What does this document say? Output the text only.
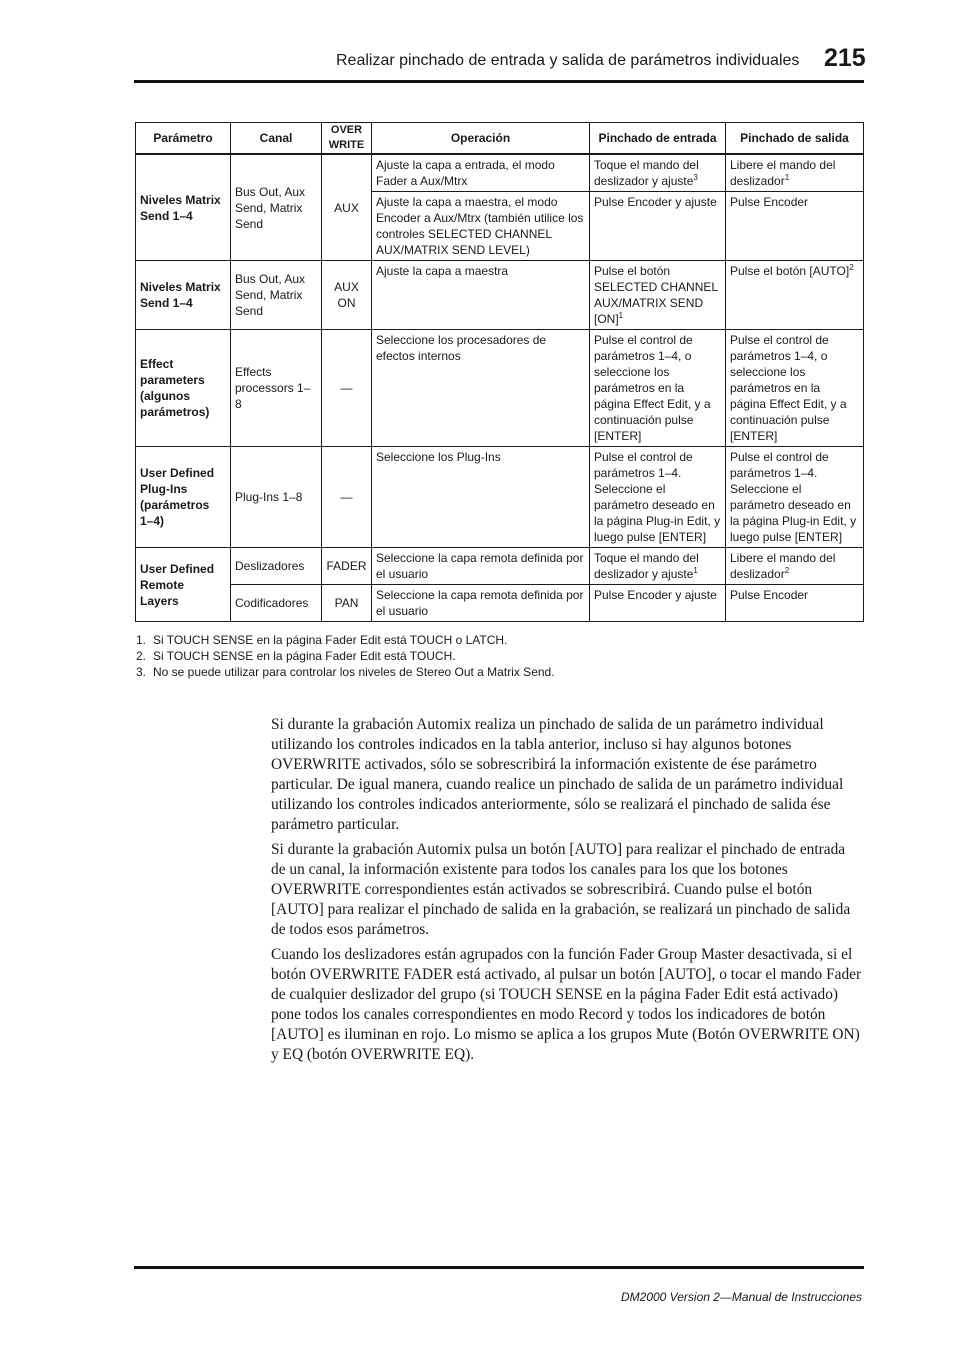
Realizar pinchado de entrada y salida de parámetros individuales 215
Parámetro	Canal	OVER WRITE	Operación	Pinchado de entrada	Pinchado de salida
Niveles Matrix Send 1–4	Bus Out, Aux Send, Matrix Send	AUX	Ajuste la capa a entrada, el modo Fader a Aux/Mtrx	Toque el mando del deslizador y ajuste$^3$	Libere el mando del deslizador$^1$
			Ajuste la capa a maestra, el modo Encoder a Aux/Mtrx (también utilice los controles SELECTED CHANNEL AUX/MATRIX SEND LEVEL)	Pulse Encoder y ajuste	Pulse Encoder
Niveles Matrix Send 1–4	Bus Out, Aux Send, Matrix Send	AUX ON	Ajuste la capa a maestra	Pulse el botón SELECTED CHANNEL AUX/MATRIX SEND [ON]$^1$	Pulse el botón [AUTO]$^2$
Effect parameters (algunos parámetros)	Effects processors 1–8	—	Seleccione los procesadores de efectos internos	Pulse el control de parámetros 1–4, o seleccione los parámetros en la página Effect Edit, y a continuación pulse [ENTER]	Pulse el control de parámetros 1–4, o seleccione los parámetros en la página Effect Edit, y a continuación pulse [ENTER]
User Defined Plug-Ins (parámetros 1–4)	Plug-Ins 1–8	—	Seleccione los Plug-Ins	Pulse el control de parámetros 1–4. Seleccione el parámetro deseado en la página Plug-in Edit, y luego pulse [ENTER]	Pulse el control de parámetros 1–4. Seleccione el parámetro deseado en la página Plug-in Edit, y luego pulse [ENTER]
User Defined Remote Layers	Deslizadores	FADER	Seleccione la capa remota definida por el usuario	Toque el mando del deslizador y ajuste$^1$	Libere el mando del deslizador$^2$
	Codificadores	PAN	Seleccione la capa remota definida por el usuario	Pulse Encoder y ajuste	Pulse Encoder
1. Si TOUCH SENSE en la página Fader Edit está TOUCH o LATCH.
2. Si TOUCH SENSE en la página Fader Edit está TOUCH.
3. No se puede utilizar para controlar los niveles de Stereo Out a Matrix Send.

Si durante la grabación Automix realiza un pinchado de salida de un parámetro individual utilizando los controles indicados en la tabla anterior, incluso si hay algunos botones OVERWRITE activados, sólo se sobrescribirá la información existente de ése parámetro particular. De igual manera, cuando realice un pinchado de salida de un parámetro individual utilizando los controles indicados anteriormente, sólo se realizará el pinchado de salida ése parámetro particular.

Si durante la grabación Automix pulsa un botón [AUTO] para realizar el pinchado de entrada de un canal, la información existente para todos los canales para los que los botones OVERWRITE correspondientes están activados se sobrescribirá. Cuando pulse el botón [AUTO] para realizar el pinchado de salida en la grabación, se realizará un pinchado de salida de todos esos parámetros.

Cuando los deslizadores están agrupados con la función Fader Group Master desactivada, si el botón OVERWRITE FADER está activado, al pulsar un botón [AUTO], o tocar el mando Fader de cualquier deslizador del grupo (si TOUCH SENSE en la página Fader Edit está activado) pone todos los canales correspondientes en modo Record y todos los indicadores de botón [AUTO] es iluminan en rojo. Lo mismo se aplica a los grupos Mute (Botón OVERWRITE ON) y EQ (botón OVERWRITE EQ).

DM2000 Version 2—Manual de Instrucciones
